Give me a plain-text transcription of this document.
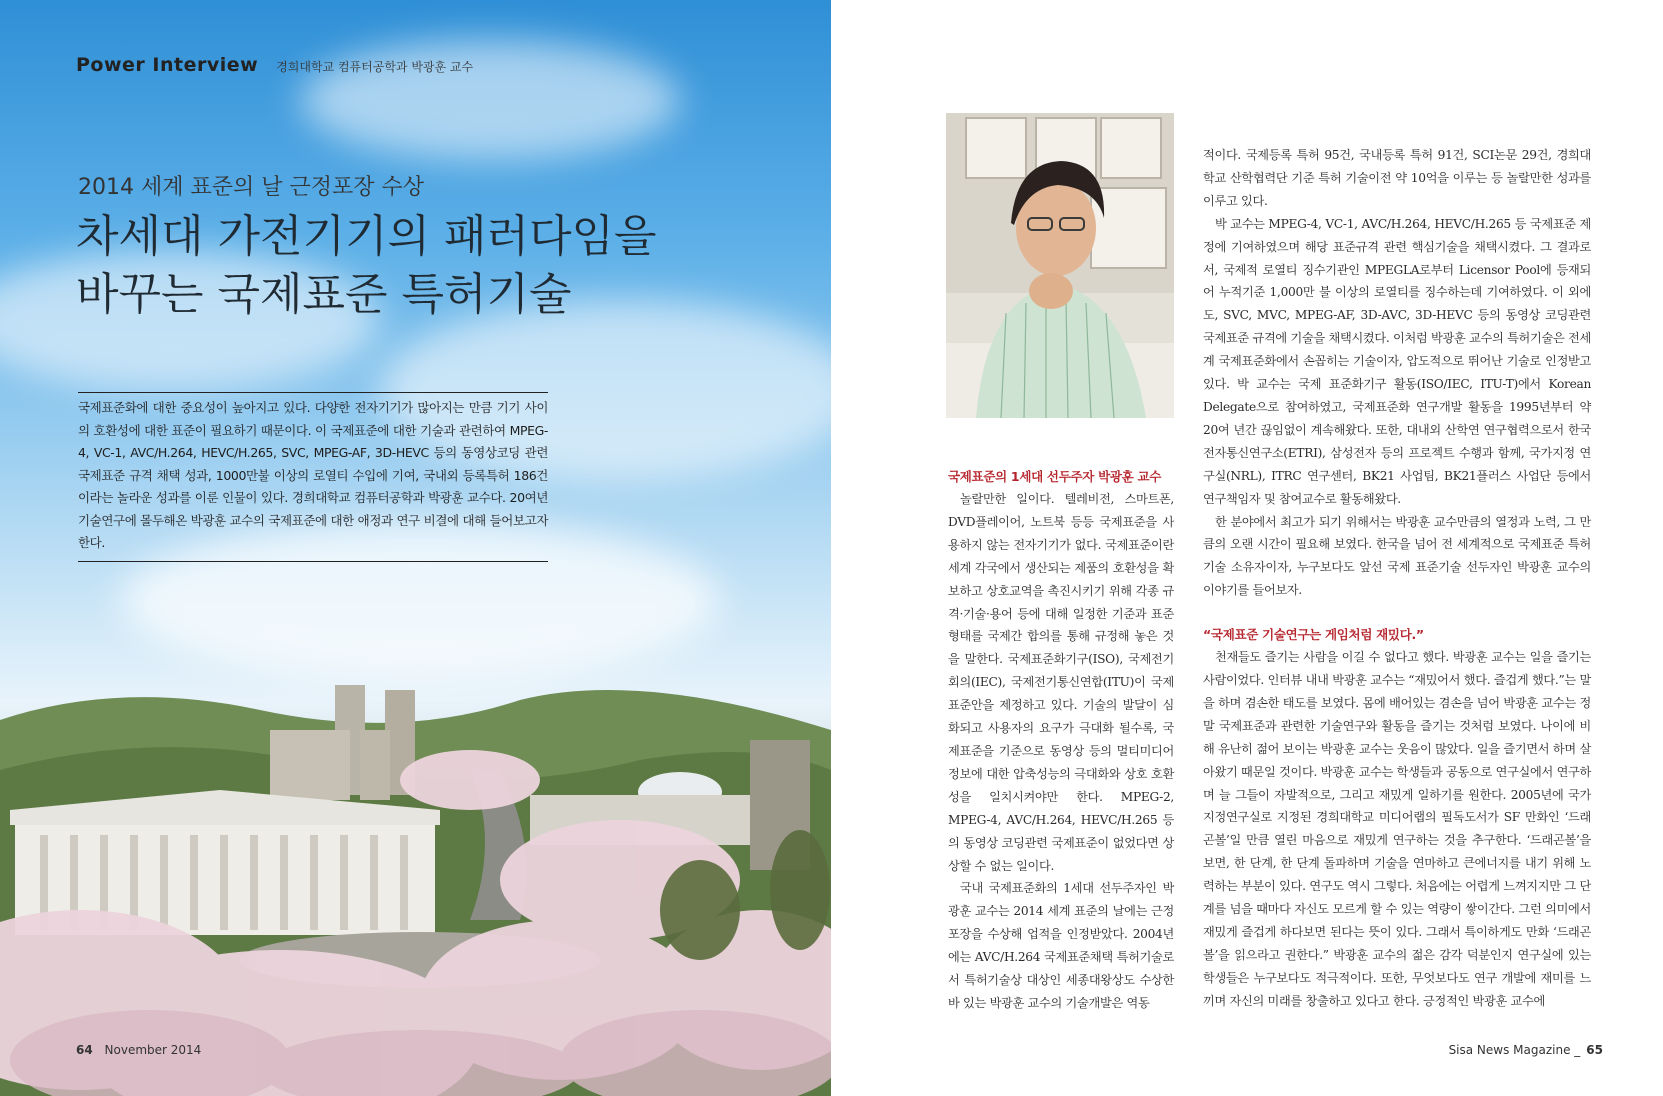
Power Interview 경희대학교 컴퓨터공학과 박광훈 교수
2014 세계 표준의 날 근정포장 수상
차세대 가전기기의 패러다임을
바꾸는 국제표준 특허기술
국제표준화에 대한 중요성이 높아지고 있다. 다양한 전자기기가 많아지는 만큼 기기 사이의 호환성에 대한 표준이 필요하기 때문이다. 이 국제표준에 대한 기술과 관련하여 MPEG-4, VC-1, AVC/H.264, HEVC/H.265, SVC, MPEG-AF, 3D-HEVC 등의 동영상코딩 관련 국제표준 규격 채택 성과, 1000만불 이상의 로열티 수입에 기여, 국내외 등록특허 186건이라는 놀라운 성과를 이룬 인물이 있다. 경희대학교 컴퓨터공학과 박광훈 교수다. 20여년 기술연구에 몰두해온 박광훈 교수의 국제표준에 대한 애정과 연구 비결에 대해 들어보고자 한다.
64 November 2014
국제표준의 1세대 선두주자 박광훈 교수

놀랄만한 일이다. 텔레비전, 스마트폰, DVD플레이어, 노트북 등등 국제표준을 사용하지 않는 전자기기가 없다. 국제표준이란 세계 각국에서 생산되는 제품의 호환성을 확보하고 상호교역을 촉진시키기 위해 각종 규격·기술·용어 등에 대해 일정한 기준과 표준형태를 국제간 합의를 통해 규정해 놓은 것을 말한다. 국제표준화기구(ISO), 국제전기회의(IEC), 국제전기통신연합(ITU)이 국제표준안을 제정하고 있다. 기술의 발달이 심화되고 사용자의 요구가 극대화 될수록, 국제표준을 기준으로 동영상 등의 멀티미디어 정보에 대한 압축성능의 극대화와 상호 호환성을 일치시켜야만 한다. MPEG-2, MPEG-4, AVC/H.264, HEVC/H.265 등의 동영상 코딩관련 국제표준이 없었다면 상상할 수 없는 일이다.

국내 국제표준화의 1세대 선두주자인 박광훈 교수는 2014 세계 표준의 날에는 근정포장을 수상해 업적을 인정받았다. 2004년에는 AVC/H.264 국제표준채택 특허기술로서 특허기술상 대상인 세종대왕상도 수상한 바 있는 박광훈 교수의 기술개발은 역동

적이다. 국제등록 특허 95건, 국내등록 특허 91건, SCI논문 29건, 경희대학교 산학협력단 기준 특허 기술이전 약 10억을 이루는 등 놀랄만한 성과를 이루고 있다.

박 교수는 MPEG-4, VC-1, AVC/H.264, HEVC/H.265 등 국제표준 제정에 기여하였으며 해당 표준규격 관련 핵심기술을 채택시켰다. 그 결과로서, 국제적 로열티 징수기관인 MPEGLA로부터 Licensor Pool에 등재되어 누적기준 1,000만 불 이상의 로열티를 징수하는데 기여하였다. 이 외에도, SVC, MVC, MPEG-AF, 3D-AVC, 3D-HEVC 등의 동영상 코딩관련 국제표준 규격에 기술을 채택시켰다. 이처럼 박광훈 교수의 특허기술은 전세계 국제표준화에서 손꼽히는 기술이자, 압도적으로 뛰어난 기술로 인정받고 있다. 박 교수는 국제 표준화기구 활동(ISO/IEC, ITU-T)에서 Korean Delegate으로 참여하였고, 국제표준화 연구개발 활동을 1995년부터 약 20여 년간 끊임없이 계속해왔다. 또한, 대내외 산학연 연구협력으로서 한국전자통신연구소(ETRI), 삼성전자 등의 프로젝트 수행과 함께, 국가지정 연구실(NRL), ITRC 연구센터, BK21 사업팀, BK21플러스 사업단 등에서 연구책임자 및 참여교수로 활동해왔다.

한 분야에서 최고가 되기 위해서는 박광훈 교수만큼의 열정과 노력, 그 만큼의 오랜 시간이 필요해 보였다. 한국을 넘어 전 세계적으로 국제표준 특허기술 소유자이자, 누구보다도 앞선 국제 표준기술 선두자인 박광훈 교수의 이야기를 들어보자.

“국제표준 기술연구는 게임처럼 재밌다.”

천재들도 즐기는 사람을 이길 수 없다고 했다. 박광훈 교수는 일을 즐기는 사람이었다. 인터뷰 내내 박광훈 교수는 “재밌어서 했다. 즐겁게 했다.”는 말을 하며 겸손한 태도를 보였다. 몸에 배어있는 겸손을 넘어 박광훈 교수는 정말 국제표준과 관련한 기술연구와 활동을 즐기는 것처럼 보였다. 나이에 비해 유난히 젊어 보이는 박광훈 교수는 웃음이 많았다. 일을 즐기면서 하며 살아왔기 때문일 것이다. 박광훈 교수는 학생들과 공동으로 연구실에서 연구하며 늘 그들이 자발적으로, 그리고 재밌게 일하기를 원한다. 2005년에 국가지정연구실로 지정된 경희대학교 미디어랩의 필독도서가 SF 만화인 ‘드래곤볼’일 만큼 열린 마음으로 재밌게 연구하는 것을 추구한다. ‘드래곤볼’을 보면, 한 단계, 한 단계 돌파하며 기술을 연마하고 큰에너지를 내기 위해 노력하는 부분이 있다. 연구도 역시 그렇다. 처음에는 어렵게 느껴지지만 그 단계를 넘을 때마다 자신도 모르게 할 수 있는 역량이 쌓이간다. 그런 의미에서 재밌게 즐겁게 하다보면 된다는 뜻이 있다. 그래서 특이하게도 만화 ‘드래곤볼’을 읽으라고 권한다.” 박광훈 교수의 젊은 감각 덕분인지 연구실에 있는 학생들은 누구보다도 적극적이다. 또한, 무엇보다도 연구 개발에 재미를 느끼며 자신의 미래를 창출하고 있다고 한다. 긍정적인 박광훈 교수에

Sisa News Magazine _ 65
